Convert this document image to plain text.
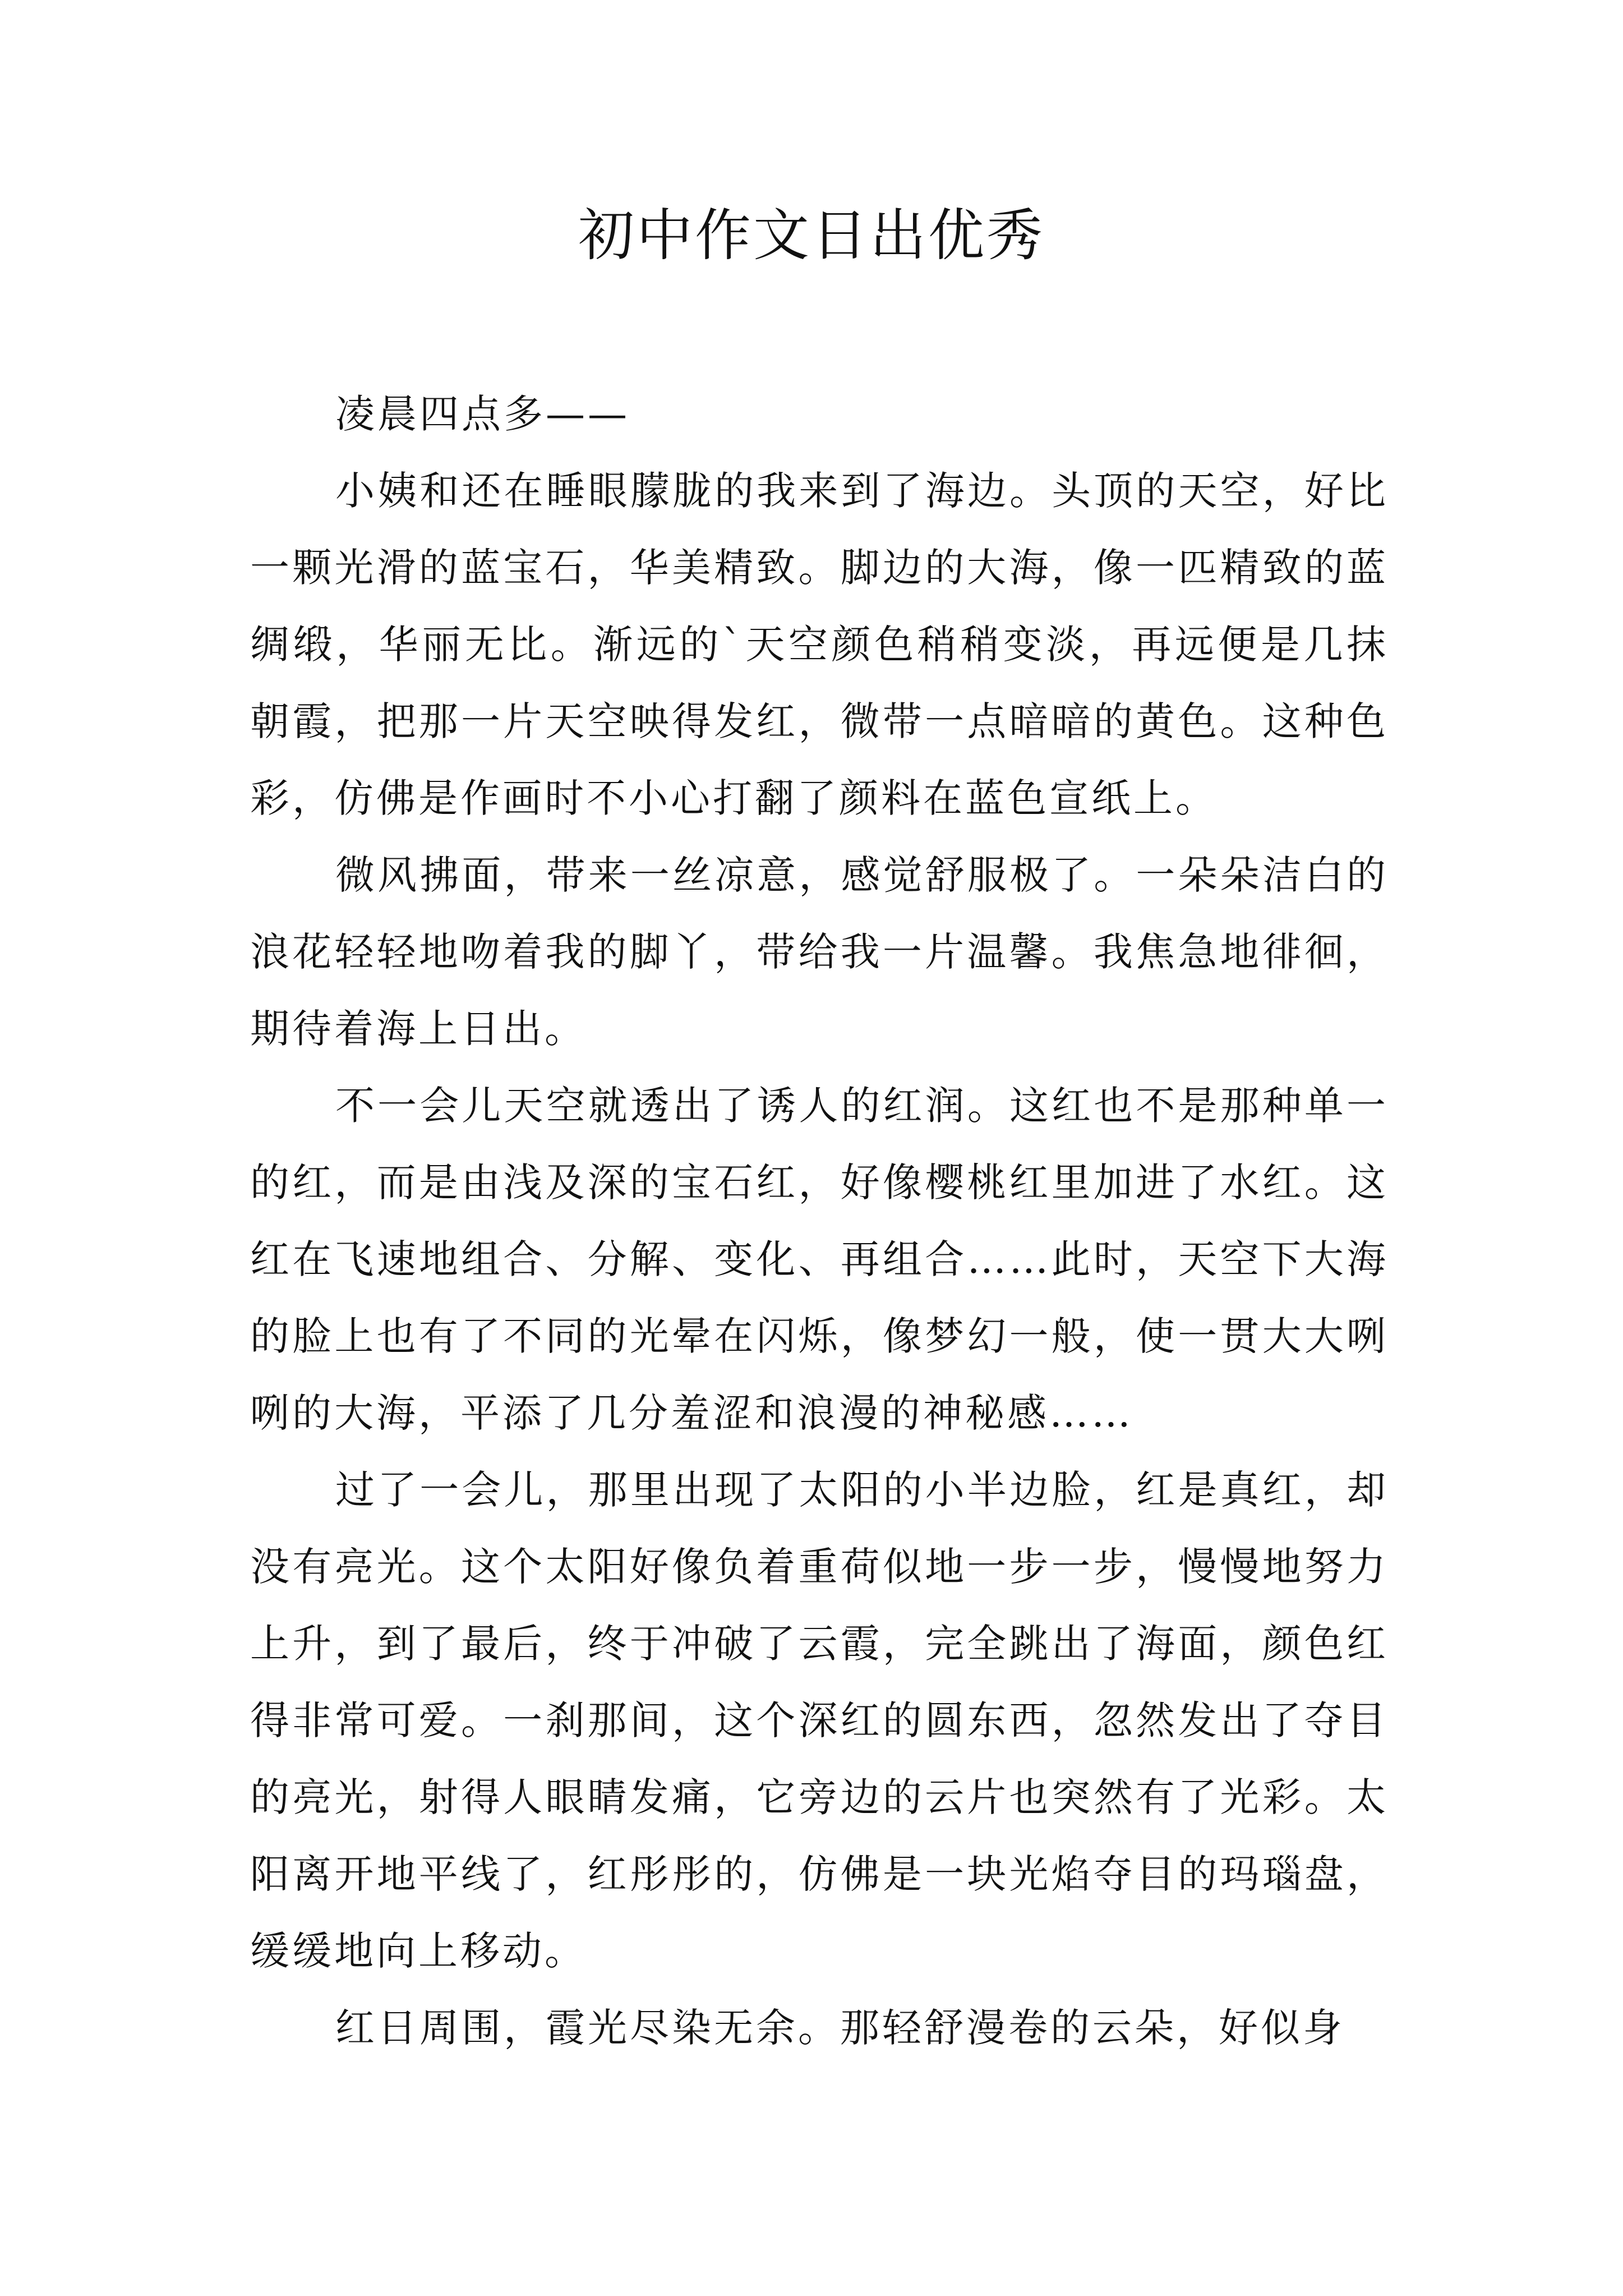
初中作文日出优秀

凌晨四点多——

小姨和还在睡眼朦胧的我来到了海边。头顶的天空，好比一颗光滑的蓝宝石，华美精致。脚边的大海，像一匹精致的蓝绸缎，华丽无比。渐远的`天空颜色稍稍变淡，再远便是几抹朝霞，把那一片天空映得发红，微带一点暗暗的黄色。这种色彩，仿佛是作画时不小心打翻了颜料在蓝色宣纸上。

微风拂面，带来一丝凉意，感觉舒服极了。一朵朵洁白的浪花轻轻地吻着我的脚丫，带给我一片温馨。我焦急地徘徊，期待着海上日出。

不一会儿天空就透出了诱人的红润。这红也不是那种单一的红，而是由浅及深的宝石红，好像樱桃红里加进了水红。这红在飞速地组合、分解、变化、再组合……此时，天空下大海的脸上也有了不同的光晕在闪烁，像梦幻一般，使一贯大大咧咧的大海，平添了几分羞涩和浪漫的神秘感……

过了一会儿，那里出现了太阳的小半边脸，红是真红，却没有亮光。这个太阳好像负着重荷似地一步一步，慢慢地努力上升，到了最后，终于冲破了云霞，完全跳出了海面，颜色红得非常可爱。一刹那间，这个深红的圆东西，忽然发出了夺目的亮光，射得人眼睛发痛，它旁边的云片也突然有了光彩。太阳离开地平线了，红彤彤的，仿佛是一块光焰夺目的玛瑙盘，缓缓地向上移动。

红日周围，霞光尽染无余。那轻舒漫卷的云朵，好似身
